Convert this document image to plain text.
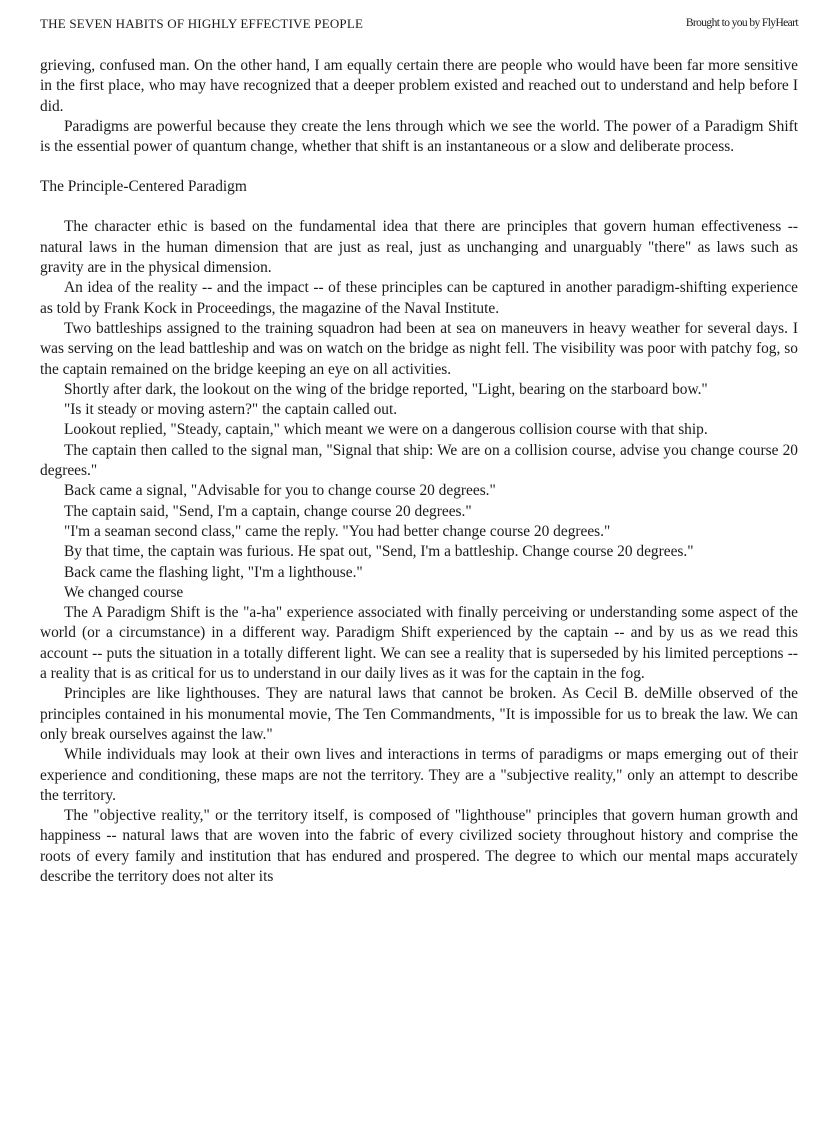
THE SEVEN HABITS OF HIGHLY EFFECTIVE PEOPLE	Brought to you by FlyHeart

grieving, confused man. On the other hand, I am equally certain there are people who would have been far more sensitive in the first place, who may have recognized that a deeper problem existed and reached out to understand and help before I did.

Paradigms are powerful because they create the lens through which we see the world. The power of a Paradigm Shift is the essential power of quantum change, whether that shift is an instantaneous or a slow and deliberate process.

The Principle-Centered Paradigm

The character ethic is based on the fundamental idea that there are principles that govern human effectiveness -- natural laws in the human dimension that are just as real, just as unchanging and unarguably "there" as laws such as gravity are in the physical dimension.

An idea of the reality -- and the impact -- of these principles can be captured in another paradigm-shifting experience as told by Frank Kock in Proceedings, the magazine of the Naval Institute.

Two battleships assigned to the training squadron had been at sea on maneuvers in heavy weather for several days. I was serving on the lead battleship and was on watch on the bridge as night fell. The visibility was poor with patchy fog, so the captain remained on the bridge keeping an eye on all activities.

Shortly after dark, the lookout on the wing of the bridge reported, "Light, bearing on the starboard bow."

"Is it steady or moving astern?" the captain called out.

Lookout replied, "Steady, captain," which meant we were on a dangerous collision course with that ship.

The captain then called to the signal man, "Signal that ship: We are on a collision course, advise you change course 20 degrees."

Back came a signal, "Advisable for you to change course 20 degrees."

The captain said, "Send, I'm a captain, change course 20 degrees."

"I'm a seaman second class," came the reply. "You had better change course 20 degrees."

By that time, the captain was furious. He spat out, "Send, I'm a battleship. Change course 20 degrees."

Back came the flashing light, "I'm a lighthouse."

We changed course

The A Paradigm Shift is the "a-ha" experience associated with finally perceiving or understanding some aspect of the world (or a circumstance) in a different way. Paradigm Shift experienced by the captain -- and by us as we read this account -- puts the situation in a totally different light. We can see a reality that is superseded by his limited perceptions -- a reality that is as critical for us to understand in our daily lives as it was for the captain in the fog.

Principles are like lighthouses. They are natural laws that cannot be broken. As Cecil B. deMille observed of the principles contained in his monumental movie, The Ten Commandments, "It is impossible for us to break the law. We can only break ourselves against the law."

While individuals may look at their own lives and interactions in terms of paradigms or maps emerging out of their experience and conditioning, these maps are not the territory. They are a "subjective reality," only an attempt to describe the territory.

The "objective reality," or the territory itself, is composed of "lighthouse" principles that govern human growth and happiness -- natural laws that are woven into the fabric of every civilized society throughout history and comprise the roots of every family and institution that has endured and prospered. The degree to which our mental maps accurately describe the territory does not alter its
